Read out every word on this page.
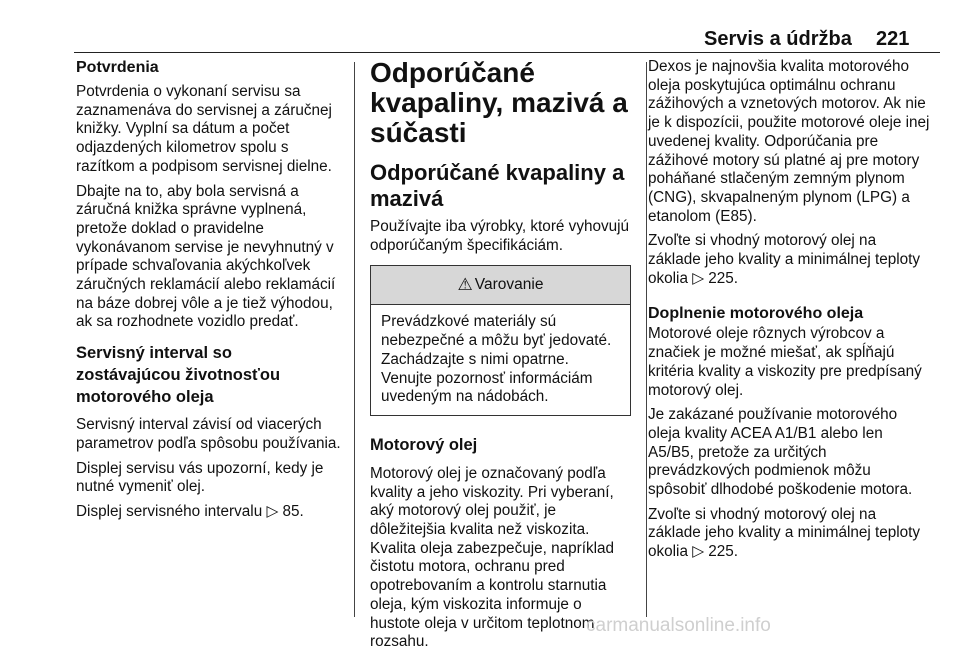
Servis a údržba 221
Potvrdenia

Potvrdenia o vykonaní servisu sa zaznamenáva do servisnej a záručnej knižky. Vyplní sa dátum a počet odjazdených kilometrov spolu s razítkom a podpisom servisnej dielne.

Dbajte na to, aby bola servisná a záručná knižka správne vyplnená, pretože doklad o pravidelne vykonávanom servise je nevyhnutný v prípade schvaľovania akýchkoľvek záručných reklamácií alebo reklamácií na báze dobrej vôle a je tiež výhodou, ak sa rozhodnete vozidlo predať.

Servisný interval so zostávajúcou životnosťou motorového oleja

Servisný interval závisí od viacerých parametrov podľa spôsobu používania.

Displej servisu vás upozorní, kedy je nutné vymeniť olej.

Displej servisného intervalu ▷ 85.

Odporúčané kvapaliny, mazivá a súčasti
Odporúčané kvapaliny a mazivá

Používajte iba výrobky, ktoré vyhovujú odporúčaným špecifikáciám.

⚠ Varovanie

Prevádzkové materiály sú nebezpečné a môžu byť jedovaté. Zachádzajte s nimi opatrne. Venujte pozornosť informáciám uvedeným na nádobách.

Motorový olej

Motorový olej je označovaný podľa kvality a jeho viskozity. Pri vyberaní, aký motorový olej použiť, je dôležitejšia kvalita než viskozita. Kvalita oleja zabezpečuje, napríklad čistotu motora, ochranu pred opotrebovaním a kontrolu starnutia oleja, kým viskozita informuje o hustote oleja v určitom teplotnom rozsahu.

Dexos je najnovšia kvalita motorového oleja poskytujúca optimálnu ochranu zážihových a vznetových motorov. Ak nie je k dispozícii, použite motorové oleje inej uvedenej kvality. Odporúčania pre zážihové motory sú platné aj pre motory poháňané stlačeným zemným plynom (CNG), skvapalneným plynom (LPG) a etanolom (E85).

Zvoľte si vhodný motorový olej na základe jeho kvality a minimálnej teploty okolia ▷ 225.

Doplnenie motorového oleja

Motorové oleje rôznych výrobcov a značiek je možné miešať, ak spĺňajú kritéria kvality a viskozity pre predpísaný motorový olej.

Je zakázané používanie motorového oleja kvality ACEA A1/B1 alebo len A5/B5, pretože za určitých prevádzkových podmienok môžu spôsobiť dlhodobé poškodenie motora.

Zvoľte si vhodný motorový olej na základe jeho kvality a minimálnej teploty okolia ▷ 225.

carmanualsonline.info
